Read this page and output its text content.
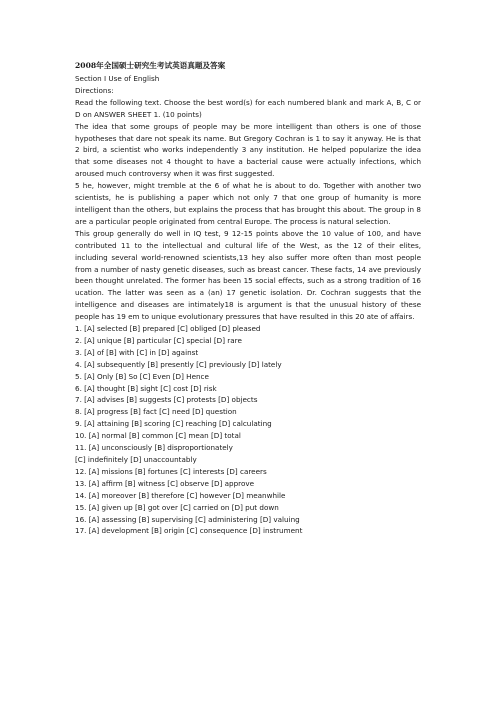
2008年全国硕士研究生考试英语真题及答案
Section I Use of English
Directions:
Read the following text. Choose the best word(s) for each numbered blank and mark A, B, C or D on ANSWER SHEET 1. (10 points)
The idea that some groups of people may be more intelligent than others is one of those hypotheses that dare not speak its name. But Gregory Cochran is 1 to say it anyway. He is that 2 bird, a scientist who works independently 3 any institution. He helped popularize the idea that some diseases not 4 thought to have a bacterial cause were actually infections, which aroused much controversy when it was first suggested.
5 he, however, might tremble at the 6 of what he is about to do. Together with another two scientists, he is publishing a paper which not only 7 that one group of humanity is more intelligent than the others, but explains the process that has brought this about. The group in 8 are a particular people originated from central Europe. The process is natural selection.
This group generally do well in IQ test, 9 12-15 points above the 10 value of 100, and have contributed 11 to the intellectual and cultural life of the West, as the 12 of their elites, including several world-renowned scientists,13 hey also suffer more often than most people from a number of nasty genetic diseases, such as breast cancer. These facts, 14 ave previously been thought unrelated. The former has been 15 social effects, such as a strong tradition of 16 ucation. The latter was seen as a (an) 17 genetic isolation. Dr. Cochran suggests that the intelligence and diseases are intimately18 is argument is that the unusual history of these people has 19 em to unique evolutionary pressures that have resulted in this 20 ate of affairs.
1. [A] selected [B] prepared [C] obliged [D] pleased
2. [A] unique [B] particular [C] special [D] rare
3. [A] of [B] with [C] in [D] against
4. [A] subsequently [B] presently [C] previously [D] lately
5. [A] Only [B] So [C] Even [D] Hence
6. [A] thought [B] sight [C] cost [D] risk
7. [A] advises [B] suggests [C] protests [D] objects
8. [A] progress [B] fact [C] need [D] question
9. [A] attaining [B] scoring [C] reaching [D] calculating
10. [A] normal [B] common [C] mean [D] total
11. [A] unconsciously [B] disproportionately
[C] indefinitely [D] unaccountably
12. [A] missions [B] fortunes [C] interests [D] careers
13. [A] affirm [B] witness [C] observe [D] approve
14. [A] moreover [B] therefore [C] however [D] meanwhile
15. [A] given up [B] got over [C] carried on [D] put down
16. [A] assessing [B] supervising [C] administering [D] valuing
17. [A] development [B] origin [C] consequence [D] instrument
